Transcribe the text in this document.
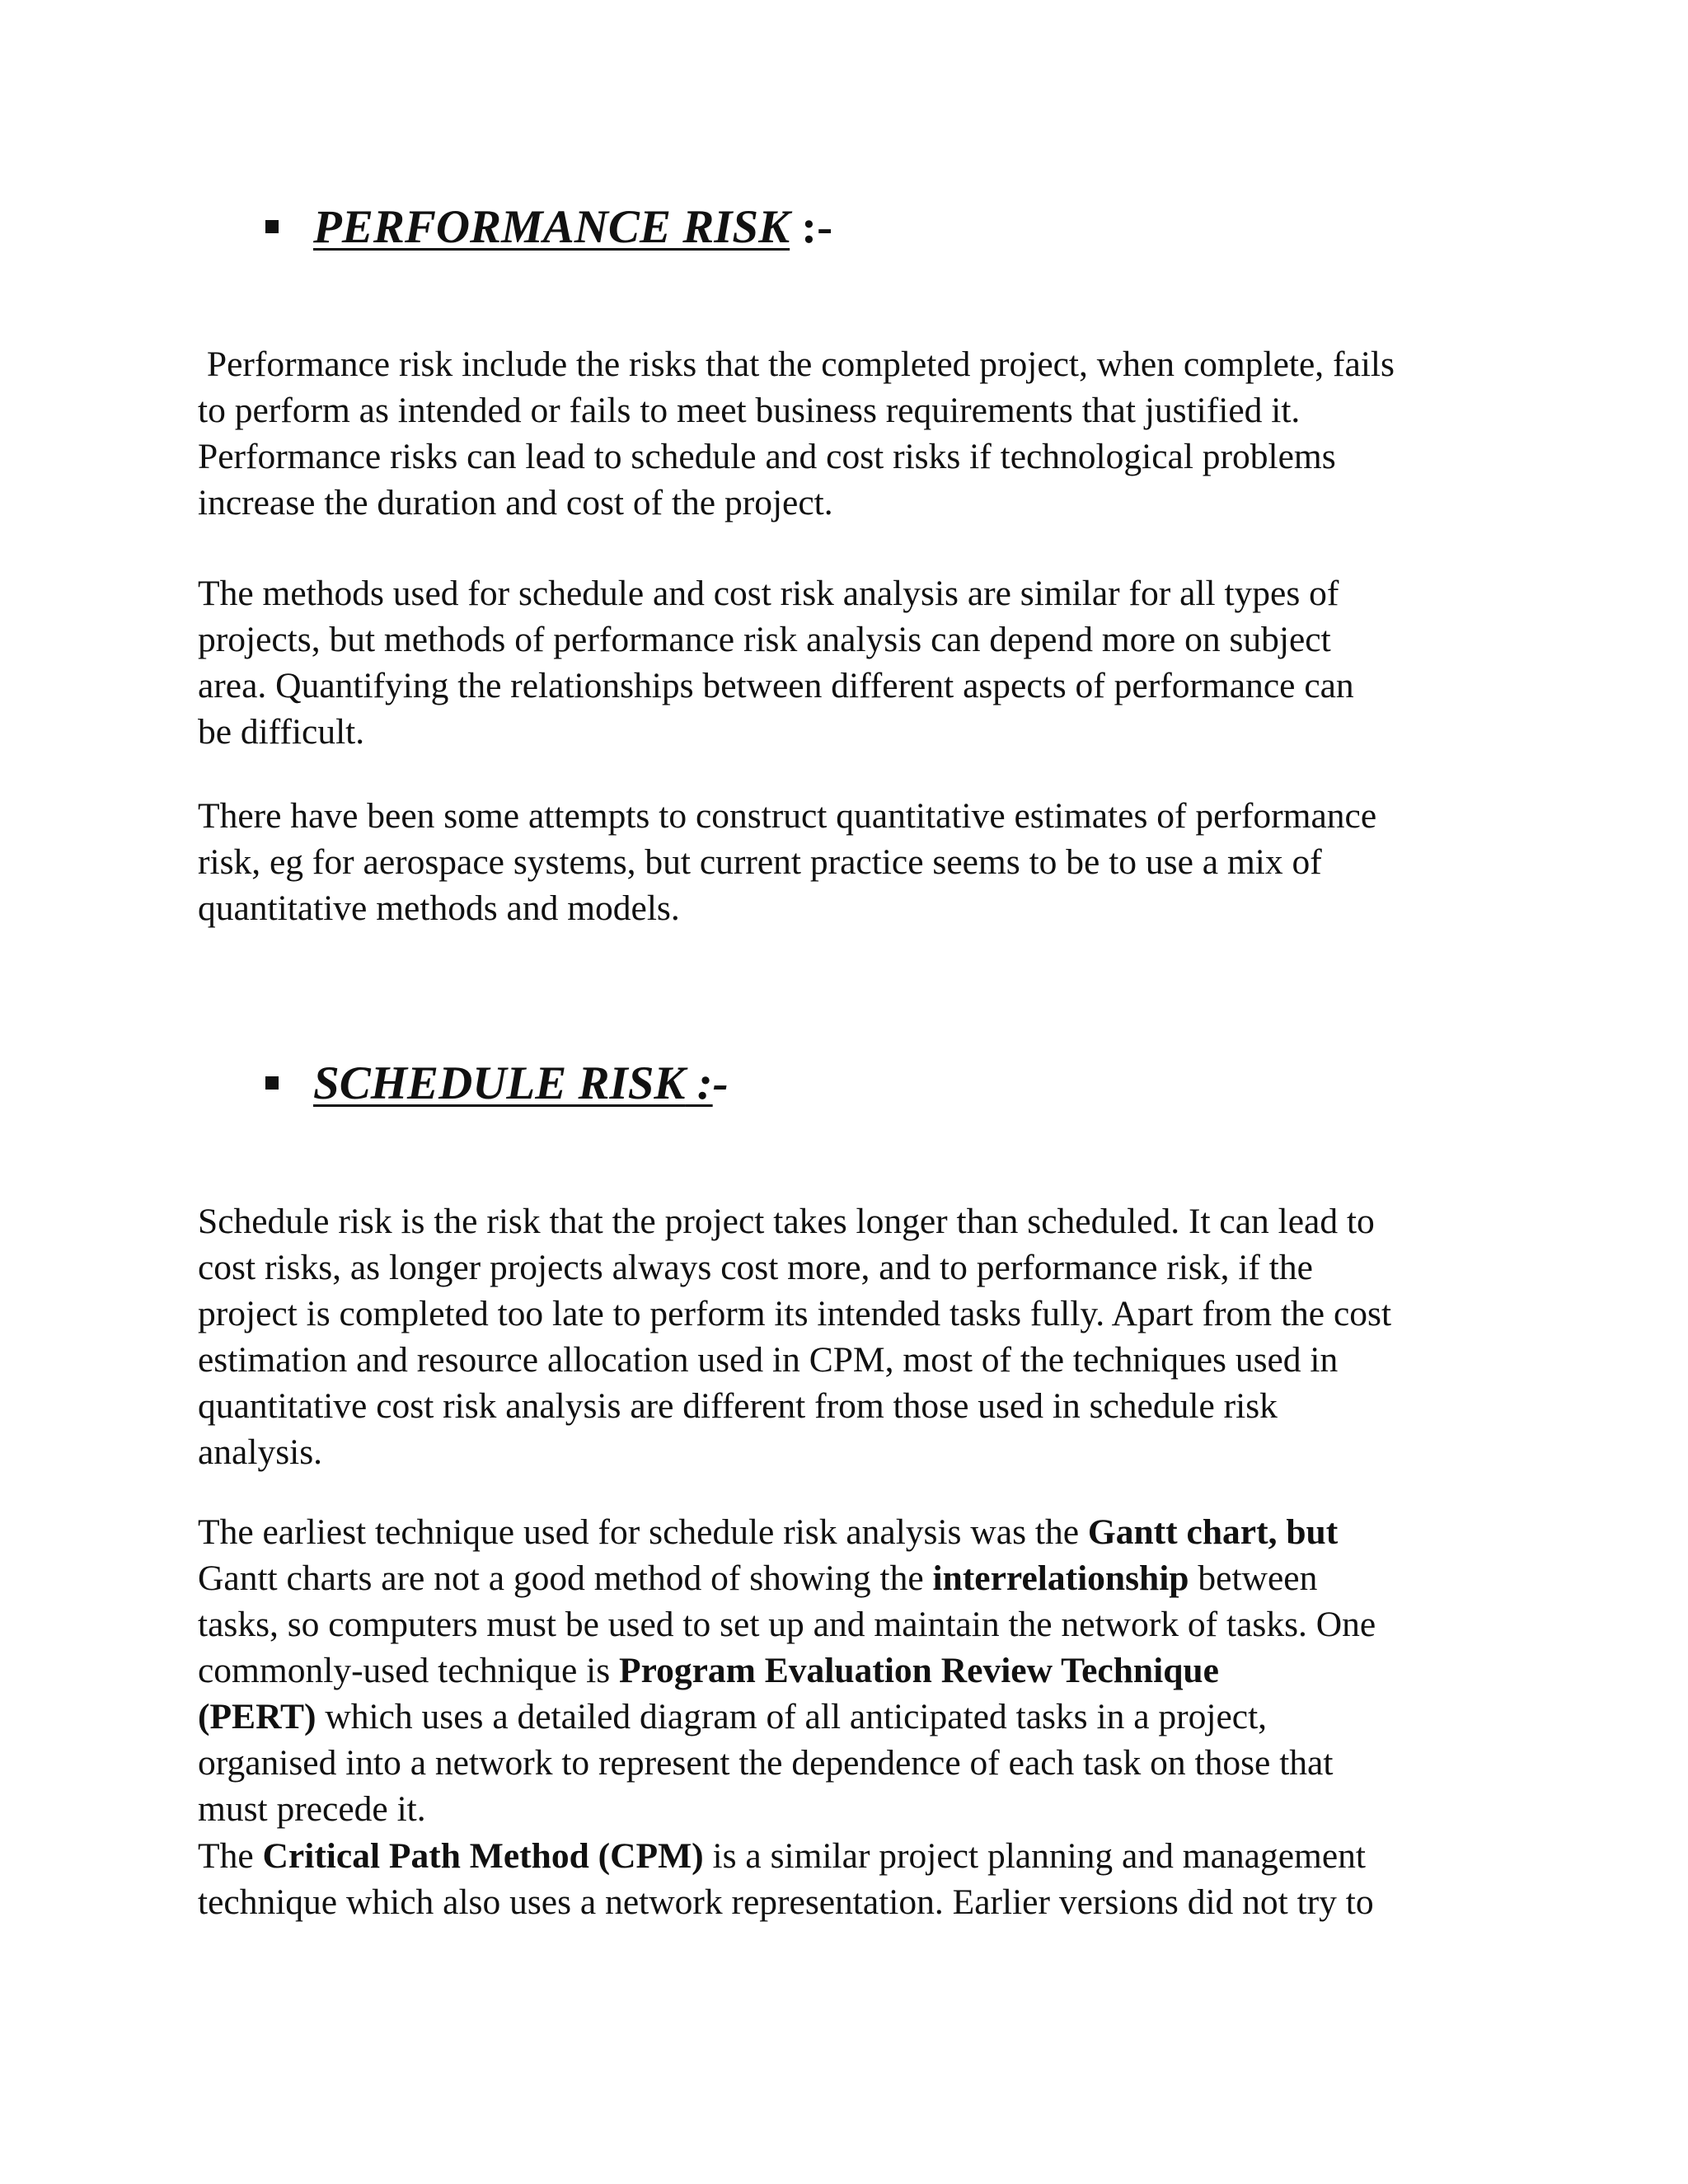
PERFORMANCE RISK :-

Performance risk include the risks that the completed project, when complete, fails
to perform as intended or fails to meet business requirements that justified it.
Performance risks can lead to schedule and cost risks if technological problems
increase the duration and cost of the project.

The methods used for schedule and cost risk analysis are similar for all types of
projects, but methods of performance risk analysis can depend more on subject
area. Quantifying the relationships between different aspects of performance can
be difficult.

There have been some attempts to construct quantitative estimates of performance
risk, eg for aerospace systems, but current practice seems to be to use a mix of
quantitative methods and models.

SCHEDULE RISK : -

Schedule risk is the risk that the project takes longer than scheduled. It can lead to
cost risks, as longer projects always cost more, and to performance risk, if the
project is completed too late to perform its intended tasks fully. Apart from the cost
estimation and resource allocation used in CPM, most of the techniques used in
quantitative cost risk analysis are different from those used in schedule risk
analysis.

The earliest technique used for schedule risk analysis was the Gantt chart, but
Gantt charts are not a good method of showing the interrelationship between
tasks, so computers must be used to set up and maintain the network of tasks. One
commonly-used technique is Program Evaluation Review Technique
(PERT) which uses a detailed diagram of all anticipated tasks in a project,
organised into a network to represent the dependence of each task on those that
must precede it.

The Critical Path Method (CPM) is a similar project planning and management
technique which also uses a network representation. Earlier versions did not try to
